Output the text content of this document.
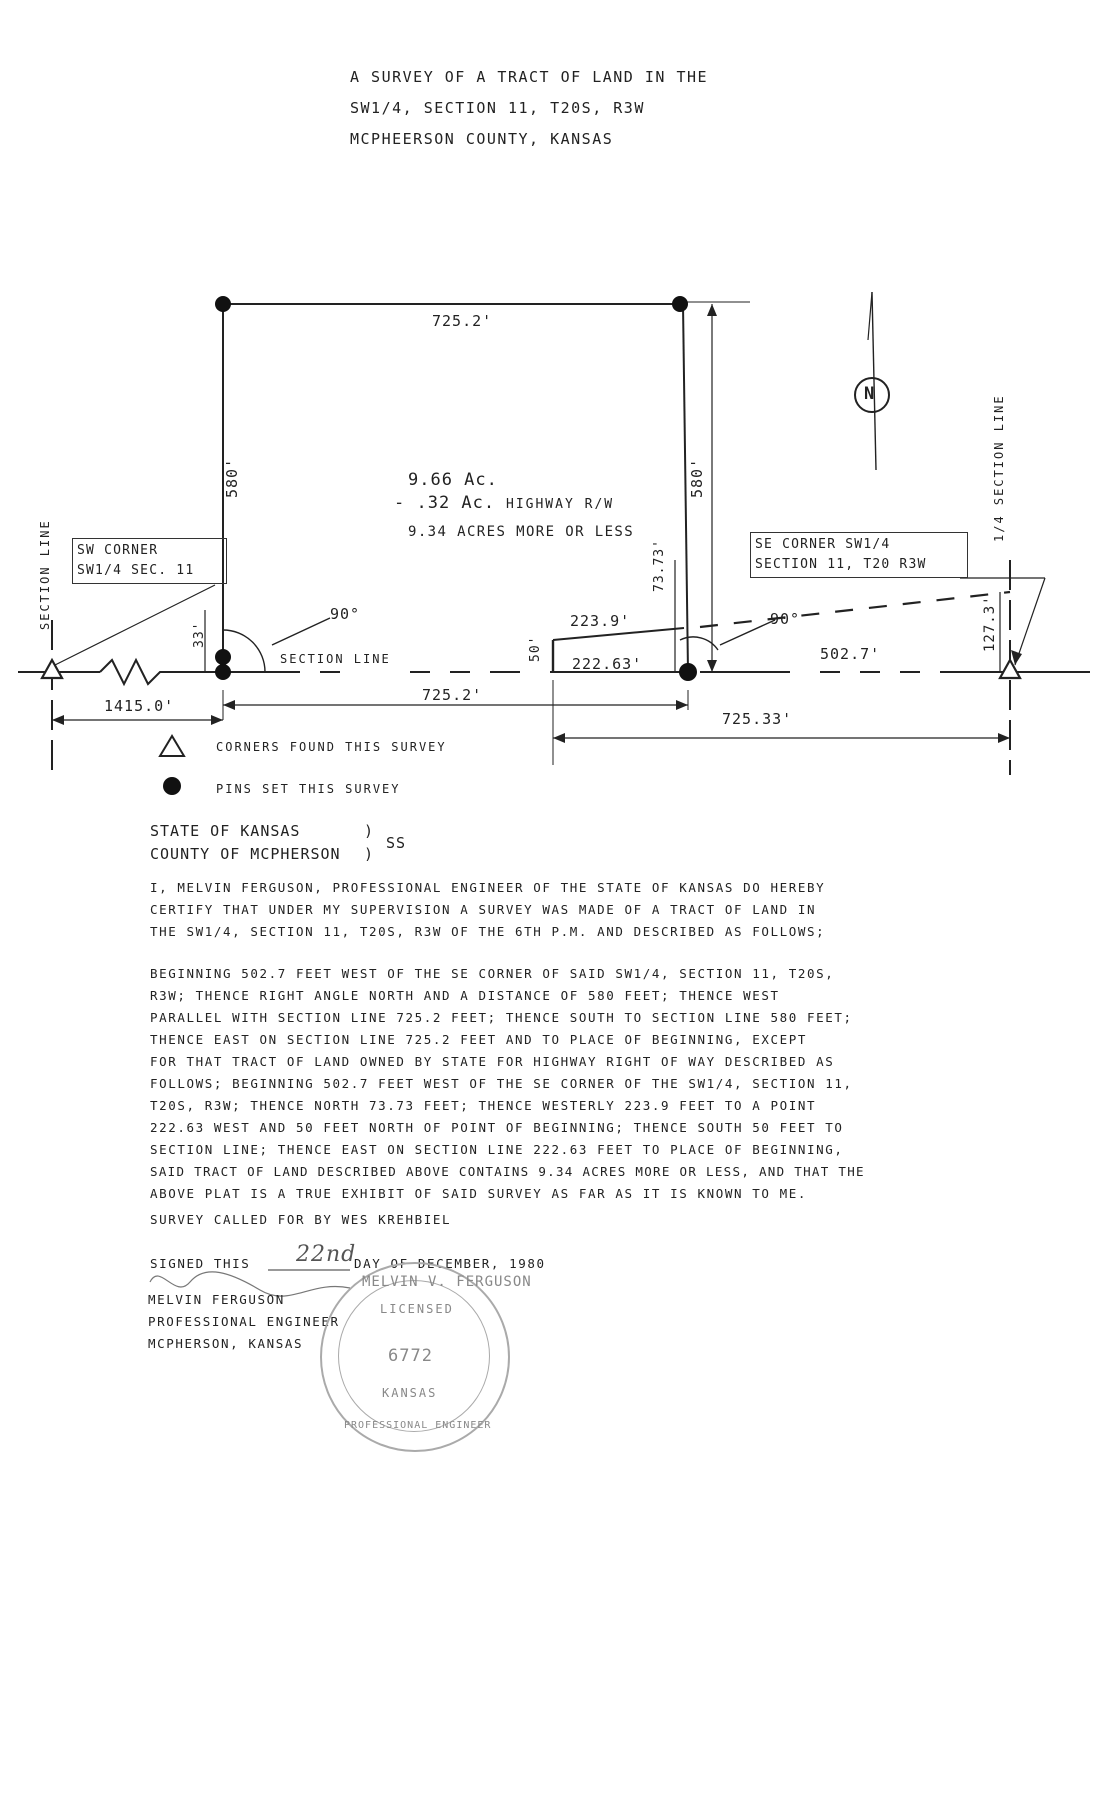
A SURVEY OF A TRACT OF LAND IN THE
SW1/4, SECTION 11, T20S, R3W
MCPHEERSON COUNTY, KANSAS
725.2'
580'	580'
9.66 Ac.
- .32 Ac. HIGHWAY R/W
9.34 ACRES MORE OR LESS
N
SW CORNER
SW1/4 SEC. 11
SE CORNER SW1/4
SECTION 11, T20 R3W
SECTION LINE
1/4 SECTION LINE
SECTION LINE
90°	90°
33'
50'
73.73'
223.9'
222.63'
502.7'
127.3'
1415.0'
725.2'
725.33'
CORNERS FOUND THIS SURVEY
PINS SET THIS SURVEY
STATE OF KANSAS
COUNTY OF MCPHERSON
)
)
SS
I, MELVIN FERGUSON, PROFESSIONAL ENGINEER OF THE STATE OF KANSAS DO HEREBY
CERTIFY THAT UNDER MY SUPERVISION A SURVEY WAS MADE OF A TRACT OF LAND IN
THE SW1/4, SECTION 11, T20S, R3W OF THE 6TH P.M. AND DESCRIBED AS FOLLOWS;
BEGINNING 502.7 FEET WEST OF THE SE CORNER OF SAID SW1/4, SECTION 11, T20S,
R3W; THENCE RIGHT ANGLE NORTH AND A DISTANCE OF 580 FEET; THENCE WEST
PARALLEL WITH SECTION LINE 725.2 FEET; THENCE SOUTH TO SECTION LINE 580 FEET;
THENCE EAST ON SECTION LINE 725.2 FEET AND TO PLACE OF BEGINNING, EXCEPT
FOR THAT TRACT OF LAND OWNED BY STATE FOR HIGHWAY RIGHT OF WAY DESCRIBED AS
FOLLOWS; BEGINNING 502.7 FEET WEST OF THE SE CORNER OF THE SW1/4, SECTION 11,
T20S, R3W; THENCE NORTH 73.73 FEET; THENCE WESTERLY 223.9 FEET TO A POINT
222.63 WEST AND 50 FEET NORTH OF POINT OF BEGINNING; THENCE SOUTH 50 FEET TO
SECTION LINE; THENCE EAST ON SECTION LINE 222.63 FEET TO PLACE OF BEGINNING,
SAID TRACT OF LAND DESCRIBED ABOVE CONTAINS 9.34 ACRES MORE OR LESS, AND THAT THE
ABOVE PLAT IS A TRUE EXHIBIT OF SAID SURVEY AS FAR AS IT IS KNOWN TO ME.
SURVEY CALLED FOR BY WES KREHBIEL
SIGNED THIS 22nd
DAY OF DECEMBER, 1980
MELVIN FERGUSON
PROFESSIONAL ENGINEER
MCPHERSON, KANSAS
MELVIN V. FERGUSON
LICENSED
6772
KANSAS
PROFESSIONAL ENGINEER
